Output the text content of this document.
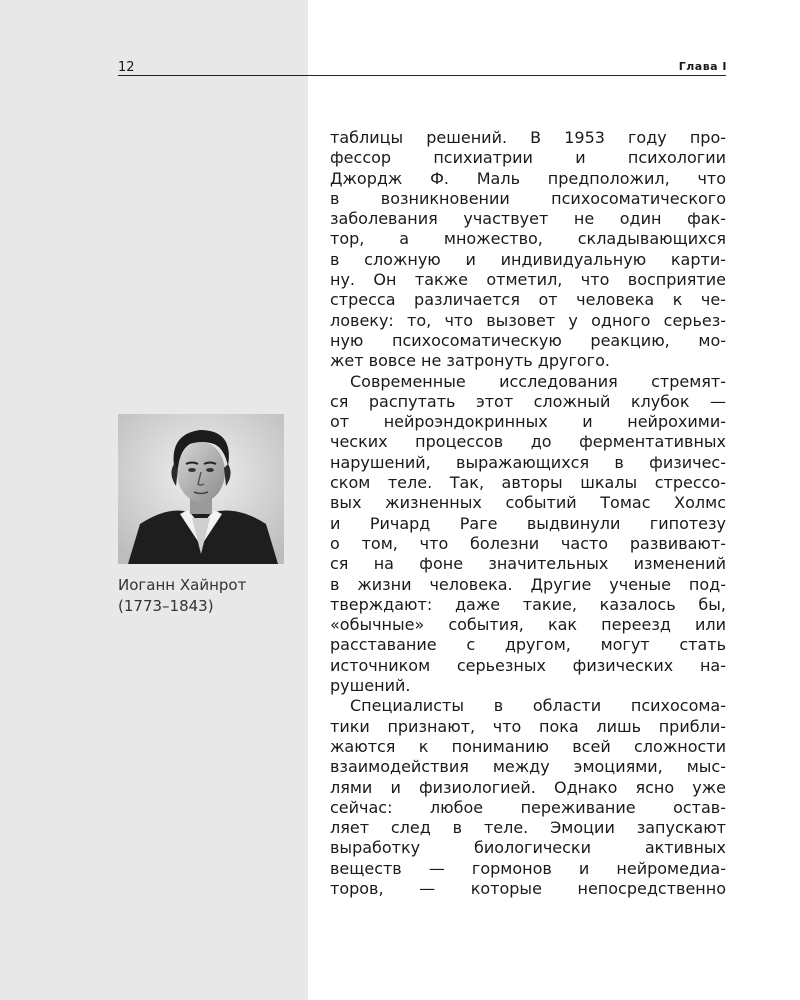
12	Глава I
Иоганн Хайнрот
(1773–1843)
таблицы решений. В 1953 году про-
фессор психиатрии и психологии
Джордж Ф. Маль предположил, что
в возникновении психосоматического
заболевания участвует не один фак-
тор, а множество, складывающихся
в сложную и индивидуальную карти-
ну. Он также отметил, что восприятие
стресса различается от человека к че-
ловеку: то, что вызовет у одного серьез-
ную психосоматическую реакцию, мо-
жет вовсе не затронуть другого.
Современные исследования стремят-
ся распутать этот сложный клубок —
от нейроэндокринных и нейрохими-
ческих процессов до ферментативных
нарушений, выражающихся в физичес-
ском теле. Так, авторы шкалы стрессо-
вых жизненных событий Томас Холмс
и Ричард Раге выдвинули гипотезу
о том, что болезни часто развивают-
ся на фоне значительных изменений
в жизни человека. Другие ученые под-
тверждают: даже такие, казалось бы,
«обычные» события, как переезд или
расставание с другом, могут стать
источником серьезных физических на-
рушений.
Специалисты в области психосома-
тики признают, что пока лишь прибли-
жаются к пониманию всей сложности
взаимодействия между эмоциями, мыс-
лями и физиологией. Однако ясно уже
сейчас: любое переживание остав-
ляет след в теле. Эмоции запускают
выработку биологически активных
веществ — гормонов и нейромедиа-
торов, — которые непосредственно
